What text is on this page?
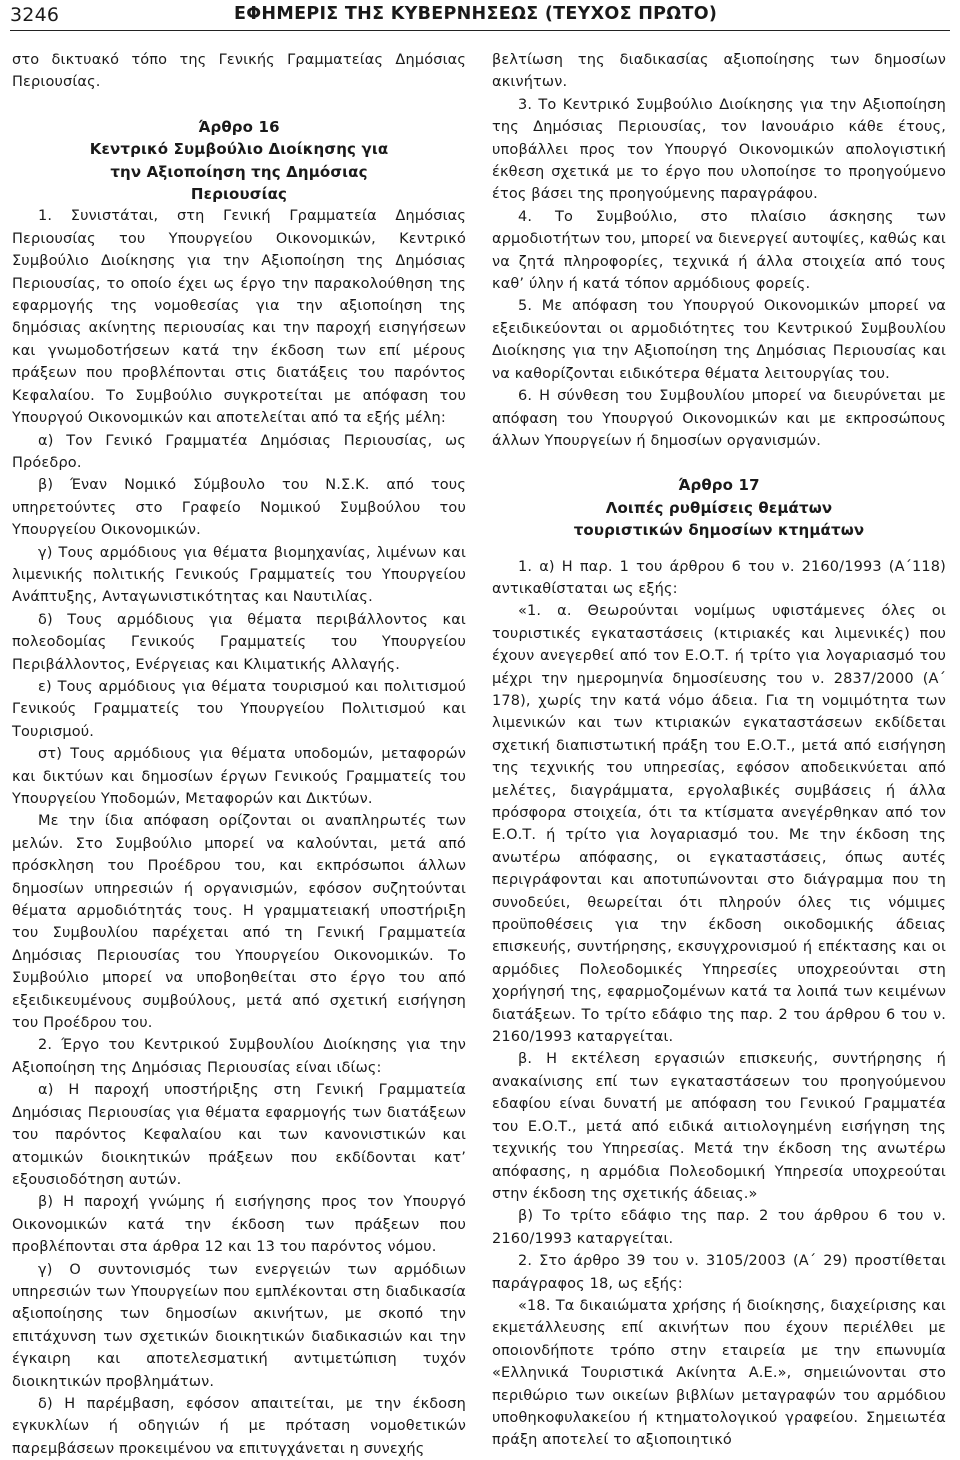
3246	ΕΦΗΜΕΡΙΣ ΤΗΣ ΚΥΒΕΡΝΗΣΕΩΣ (ΤΕΥΧΟΣ ΠΡΩΤΟ)

στο δικτυακό τόπο της Γενικής Γραμματείας Δημόσιας Περιουσίας.

Άρθρο 16

Κεντρικό Συμβούλιο Διοίκησης για την Αξιοποίηση της Δημόσιας Περιουσίας

1. Συνιστάται, στη Γενική Γραμματεία Δημόσιας Περιουσίας του Υπουργείου Οικονομικών, Κεντρικό Συμβούλιο Διοίκησης για την Αξιοποίηση της Δημόσιας Περιουσίας, το οποίο έχει ως έργο την παρακολούθηση της εφαρμογής της νομοθεσίας για την αξιοποίηση της δημόσιας ακίνητης περιουσίας και την παροχή εισηγήσεων και γνωμοδοτήσεων κατά την έκδοση των επί μέρους πράξεων που προβλέπονται στις διατάξεις του παρόντος Κεφαλαίου. Το Συμβούλιο συγκροτείται με απόφαση του Υπουργού Οικονομικών και αποτελείται από τα εξής μέλη:

α) Τον Γενικό Γραμματέα Δημόσιας Περιουσίας, ως Πρόεδρο.

β) Έναν Νομικό Σύμβουλο του Ν.Σ.Κ. από τους υπηρετούντες στο Γραφείο Νομικού Συμβούλου του Υπουργείου Οικονομικών.

γ) Τους αρμόδιους για θέματα βιομηχανίας, λιμένων και λιμενικής πολιτικής Γενικούς Γραμματείς του Υπουργείου Ανάπτυξης, Ανταγωνιστικότητας και Ναυτιλίας.

δ) Τους αρμόδιους για θέματα περιβάλλοντος και πολεοδομίας Γενικούς Γραμματείς του Υπουργείου Περιβάλλοντος, Ενέργειας και Κλιματικής Αλλαγής.

ε) Τους αρμόδιους για θέματα τουρισμού και πολιτισμού Γενικούς Γραμματείς του Υπουργείου Πολιτισμού και Τουρισμού.

στ) Τους αρμόδιους για θέματα υποδομών, μεταφορών και δικτύων και δημοσίων έργων Γενικούς Γραμματείς του Υπουργείου Υποδομών, Μεταφορών και Δικτύων.

Με την ίδια απόφαση ορίζονται οι αναπληρωτές των μελών. Στο Συμβούλιο μπορεί να καλούνται, μετά από πρόσκληση του Προέδρου του, και εκπρόσωποι άλλων δημοσίων υπηρεσιών ή οργανισμών, εφόσον συζητούνται θέματα αρμοδιότητάς τους. Η γραμματειακή υποστήριξη του Συμβουλίου παρέχεται από τη Γενική Γραμματεία Δημόσιας Περιουσίας του Υπουργείου Οικονομικών. Το Συμβούλιο μπορεί να υποβοηθείται στο έργο του από εξειδικευμένους συμβούλους, μετά από σχετική εισήγηση του Προέδρου του.

2. Έργο του Κεντρικού Συμβουλίου Διοίκησης για την Αξιοποίηση της Δημόσιας Περιουσίας είναι ιδίως:

α) Η παροχή υποστήριξης στη Γενική Γραμματεία Δημόσιας Περιουσίας για θέματα εφαρμογής των διατάξεων του παρόντος Κεφαλαίου και των κανονιστικών και ατομικών διοικητικών πράξεων που εκδίδονται κατ’ εξουσιοδότηση αυτών.

β) Η παροχή γνώμης ή εισήγησης προς τον Υπουργό Οικονομικών κατά την έκδοση των πράξεων που προβλέπονται στα άρθρα 12 και 13 του παρόντος νόμου.

γ) Ο συντονισμός των ενεργειών των αρμόδιων υπηρεσιών των Υπουργείων που εμπλέκονται στη διαδικασία αξιοποίησης των δημοσίων ακινήτων, με σκοπό την επιτάχυνση των σχετικών διοικητικών διαδικασιών και την έγκαιρη και αποτελεσματική αντιμετώπιση τυχόν διοικητικών προβλημάτων.

δ) Η παρέμβαση, εφόσον απαιτείται, με την έκδοση εγκυκλίων ή οδηγιών ή με πρόταση νομοθετικών παρεμβάσεων προκειμένου να επιτυγχάνεται η συνεχής

βελτίωση της διαδικασίας αξιοποίησης των δημοσίων ακινήτων.

3. Το Κεντρικό Συμβούλιο Διοίκησης για την Αξιοποίηση της Δημόσιας Περιουσίας, τον Ιανουάριο κάθε έτους, υποβάλλει προς τον Υπουργό Οικονομικών απολογιστική έκθεση σχετικά με το έργο που υλοποίησε το προηγούμενο έτος βάσει της προηγούμενης παραγράφου.

4. Το Συμβούλιο, στο πλαίσιο άσκησης των αρμοδιοτήτων του, μπορεί να διενεργεί αυτοψίες, καθώς και να ζητά πληροφορίες, τεχνικά ή άλλα στοιχεία από τους καθ’ ύλην ή κατά τόπον αρμόδιους φορείς.

5. Με απόφαση του Υπουργού Οικονομικών μπορεί να εξειδικεύονται οι αρμοδιότητες του Κεντρικού Συμβουλίου Διοίκησης για την Αξιοποίηση της Δημόσιας Περιουσίας και να καθορίζονται ειδικότερα θέματα λειτουργίας του.

6. Η σύνθεση του Συμβουλίου μπορεί να διευρύνεται με απόφαση του Υπουργού Οικονομικών και με εκπροσώπους άλλων Υπουργείων ή δημοσίων οργανισμών.

Άρθρο 17

Λοιπές ρυθμίσεις θεμάτων τουριστικών δημοσίων κτημάτων

1. α) Η παρ. 1 του άρθρου 6 του ν. 2160/1993 (Α΄118) αντικαθίσταται ως εξής:

«1. α. Θεωρούνται νομίμως υφιστάμενες όλες οι τουριστικές εγκαταστάσεις (κτιριακές και λιμενικές) που έχουν ανεγερθεί από τον Ε.Ο.Τ. ή τρίτο για λογαριασμό του μέχρι την ημερομηνία δημοσίευσης του ν. 2837/2000 (Α΄ 178), χωρίς την κατά νόμο άδεια. Για τη νομιμότητα των λιμενικών και των κτιριακών εγκαταστάσεων εκδίδεται σχετική διαπιστωτική πράξη του Ε.Ο.Τ., μετά από εισήγηση της τεχνικής του υπηρεσίας, εφόσον αποδεικνύεται από μελέτες, διαγράμματα, εργολαβικές συμβάσεις ή άλλα πρόσφορα στοιχεία, ότι τα κτίσματα ανεγέρθηκαν από τον Ε.Ο.Τ. ή τρίτο για λογαριασμό του. Με την έκδοση της ανωτέρω απόφασης, οι εγκαταστάσεις, όπως αυτές περιγράφονται και αποτυπώνονται στο διάγραμμα που τη συνοδεύει, θεωρείται ότι πληρούν όλες τις νόμιμες προϋποθέσεις για την έκδοση οικοδομικής άδειας επισκευής, συντήρησης, εκσυγχρονισμού ή επέκτασης και οι αρμόδιες Πολεοδομικές Υπηρεσίες υποχρεούνται στη χορήγησή της, εφαρμοζομένων κατά τα λοιπά των κειμένων διατάξεων. Το τρίτο εδάφιο της παρ. 2 του άρθρου 6 του ν. 2160/1993 καταργείται.

β. Η εκτέλεση εργασιών επισκευής, συντήρησης ή ανακαίνισης επί των εγκαταστάσεων του προηγούμενου εδαφίου είναι δυνατή με απόφαση του Γενικού Γραμματέα του Ε.Ο.Τ., μετά από ειδικά αιτιολογημένη εισήγηση της τεχνικής του Υπηρεσίας. Μετά την έκδοση της ανωτέρω απόφασης, η αρμόδια Πολεοδομική Υπηρεσία υποχρεούται στην έκδοση της σχετικής άδειας.»

β) Το τρίτο εδάφιο της παρ. 2 του άρθρου 6 του ν. 2160/1993 καταργείται.

2. Στο άρθρο 39 του ν. 3105/2003 (Α΄ 29) προστίθεται παράγραφος 18, ως εξής:

«18. Τα δικαιώματα χρήσης ή διοίκησης, διαχείρισης και εκμετάλλευσης επί ακινήτων που έχουν περιέλθει με οποιονδήποτε τρόπο στην εταιρεία με την επωνυμία «Ελληνικά Τουριστικά Ακίνητα Α.Ε.», σημειώνονται στο περιθώριο των οικείων βιβλίων μεταγραφών του αρμόδιου υποθηκοφυλακείου ή κτηματολογικού γραφείου. Σημειωτέα πράξη αποτελεί το αξιοποιητικό
